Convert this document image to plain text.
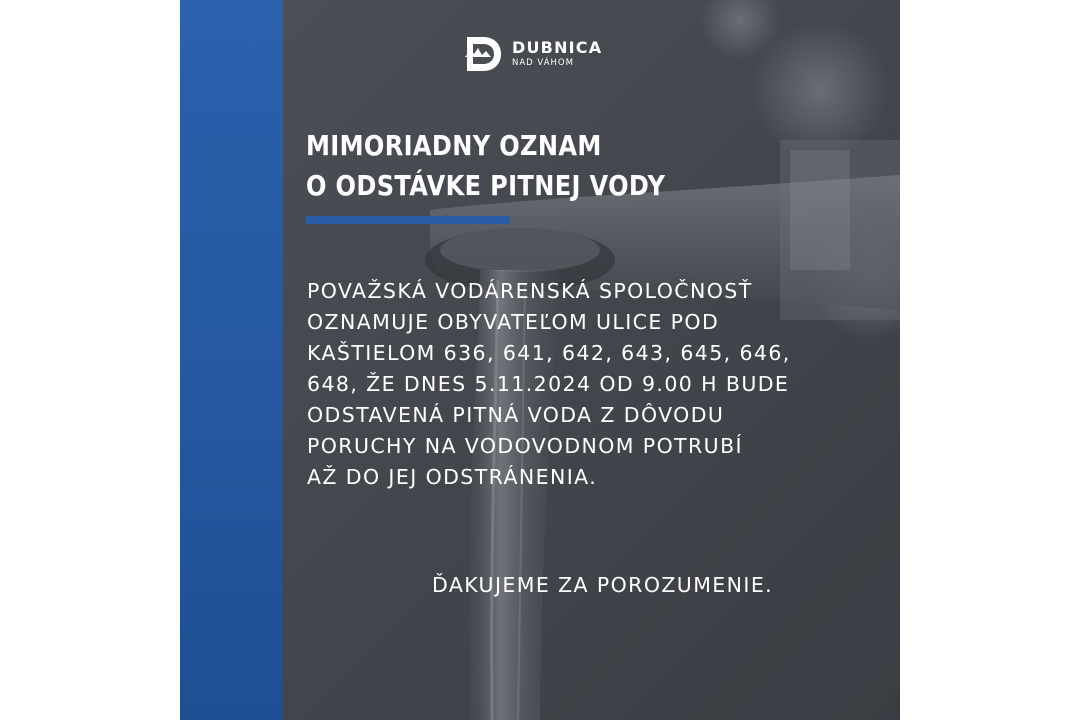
DUBNICA
NAD VÁHOM
MIMORIADNY OZNAM
O ODSTÁVKE PITNEJ VODY

POVAŽSKÁ VODÁRENSKÁ SPOLOČNOSŤ
OZNAMUJE OBYVATEĽOM ULICE POD
KAŠTIELOM 636, 641, 642, 643, 645, 646,
648, ŽE DNES 5.11.2024 OD 9.00 H BUDE
ODSTAVENÁ PITNÁ VODA Z DÔVODU
PORUCHY NA VODOVODNOM POTRUBÍ
AŽ DO JEJ ODSTRÁNENIA.

ĎAKUJEME ZA POROZUMENIE.
